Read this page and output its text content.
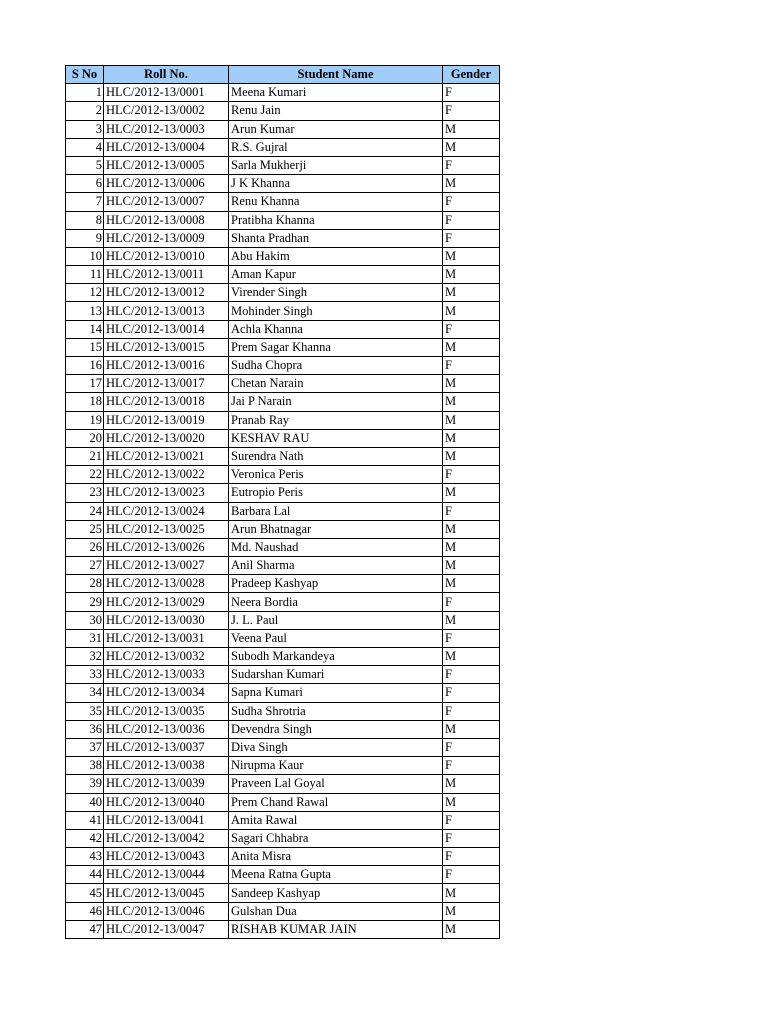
S No	Roll No.	Student Name	Gender
1	HLC/2012-13/0001	Meena Kumari	F
2	HLC/2012-13/0002	Renu Jain	F
3	HLC/2012-13/0003	Arun Kumar	M
4	HLC/2012-13/0004	R.S. Gujral	M
5	HLC/2012-13/0005	Sarla Mukherji	F
6	HLC/2012-13/0006	J K Khanna	M
7	HLC/2012-13/0007	Renu Khanna	F
8	HLC/2012-13/0008	Pratibha Khanna	F
9	HLC/2012-13/0009	Shanta Pradhan	F
10	HLC/2012-13/0010	Abu Hakim	M
11	HLC/2012-13/0011	Aman Kapur	M
12	HLC/2012-13/0012	Virender Singh	M
13	HLC/2012-13/0013	Mohinder Singh	M
14	HLC/2012-13/0014	Achla Khanna	F
15	HLC/2012-13/0015	Prem Sagar Khanna	M
16	HLC/2012-13/0016	Sudha Chopra	F
17	HLC/2012-13/0017	Chetan Narain	M
18	HLC/2012-13/0018	Jai P Narain	M
19	HLC/2012-13/0019	Pranab Ray	M
20	HLC/2012-13/0020	KESHAV RAU	M
21	HLC/2012-13/0021	Surendra Nath	M
22	HLC/2012-13/0022	Veronica Peris	F
23	HLC/2012-13/0023	Eutropio Peris	M
24	HLC/2012-13/0024	Barbara Lal	F
25	HLC/2012-13/0025	Arun Bhatnagar	M
26	HLC/2012-13/0026	Md. Naushad	M
27	HLC/2012-13/0027	Anil Sharma	M
28	HLC/2012-13/0028	Pradeep Kashyap	M
29	HLC/2012-13/0029	Neera Bordia	F
30	HLC/2012-13/0030	J. L. Paul	M
31	HLC/2012-13/0031	Veena Paul	F
32	HLC/2012-13/0032	Subodh Markandeya	M
33	HLC/2012-13/0033	Sudarshan Kumari	F
34	HLC/2012-13/0034	Sapna Kumari	F
35	HLC/2012-13/0035	Sudha Shrotria	F
36	HLC/2012-13/0036	Devendra Singh	M
37	HLC/2012-13/0037	Diva Singh	F
38	HLC/2012-13/0038	Nirupma Kaur	F
39	HLC/2012-13/0039	Praveen Lal Goyal	M
40	HLC/2012-13/0040	Prem Chand Rawal	M
41	HLC/2012-13/0041	Amita Rawal	F
42	HLC/2012-13/0042	Sagari Chhabra	F
43	HLC/2012-13/0043	Anita Misra	F
44	HLC/2012-13/0044	Meena Ratna Gupta	F
45	HLC/2012-13/0045	Sandeep Kashyap	M
46	HLC/2012-13/0046	Gulshan Dua	M
47	HLC/2012-13/0047	RISHAB KUMAR JAIN	M
